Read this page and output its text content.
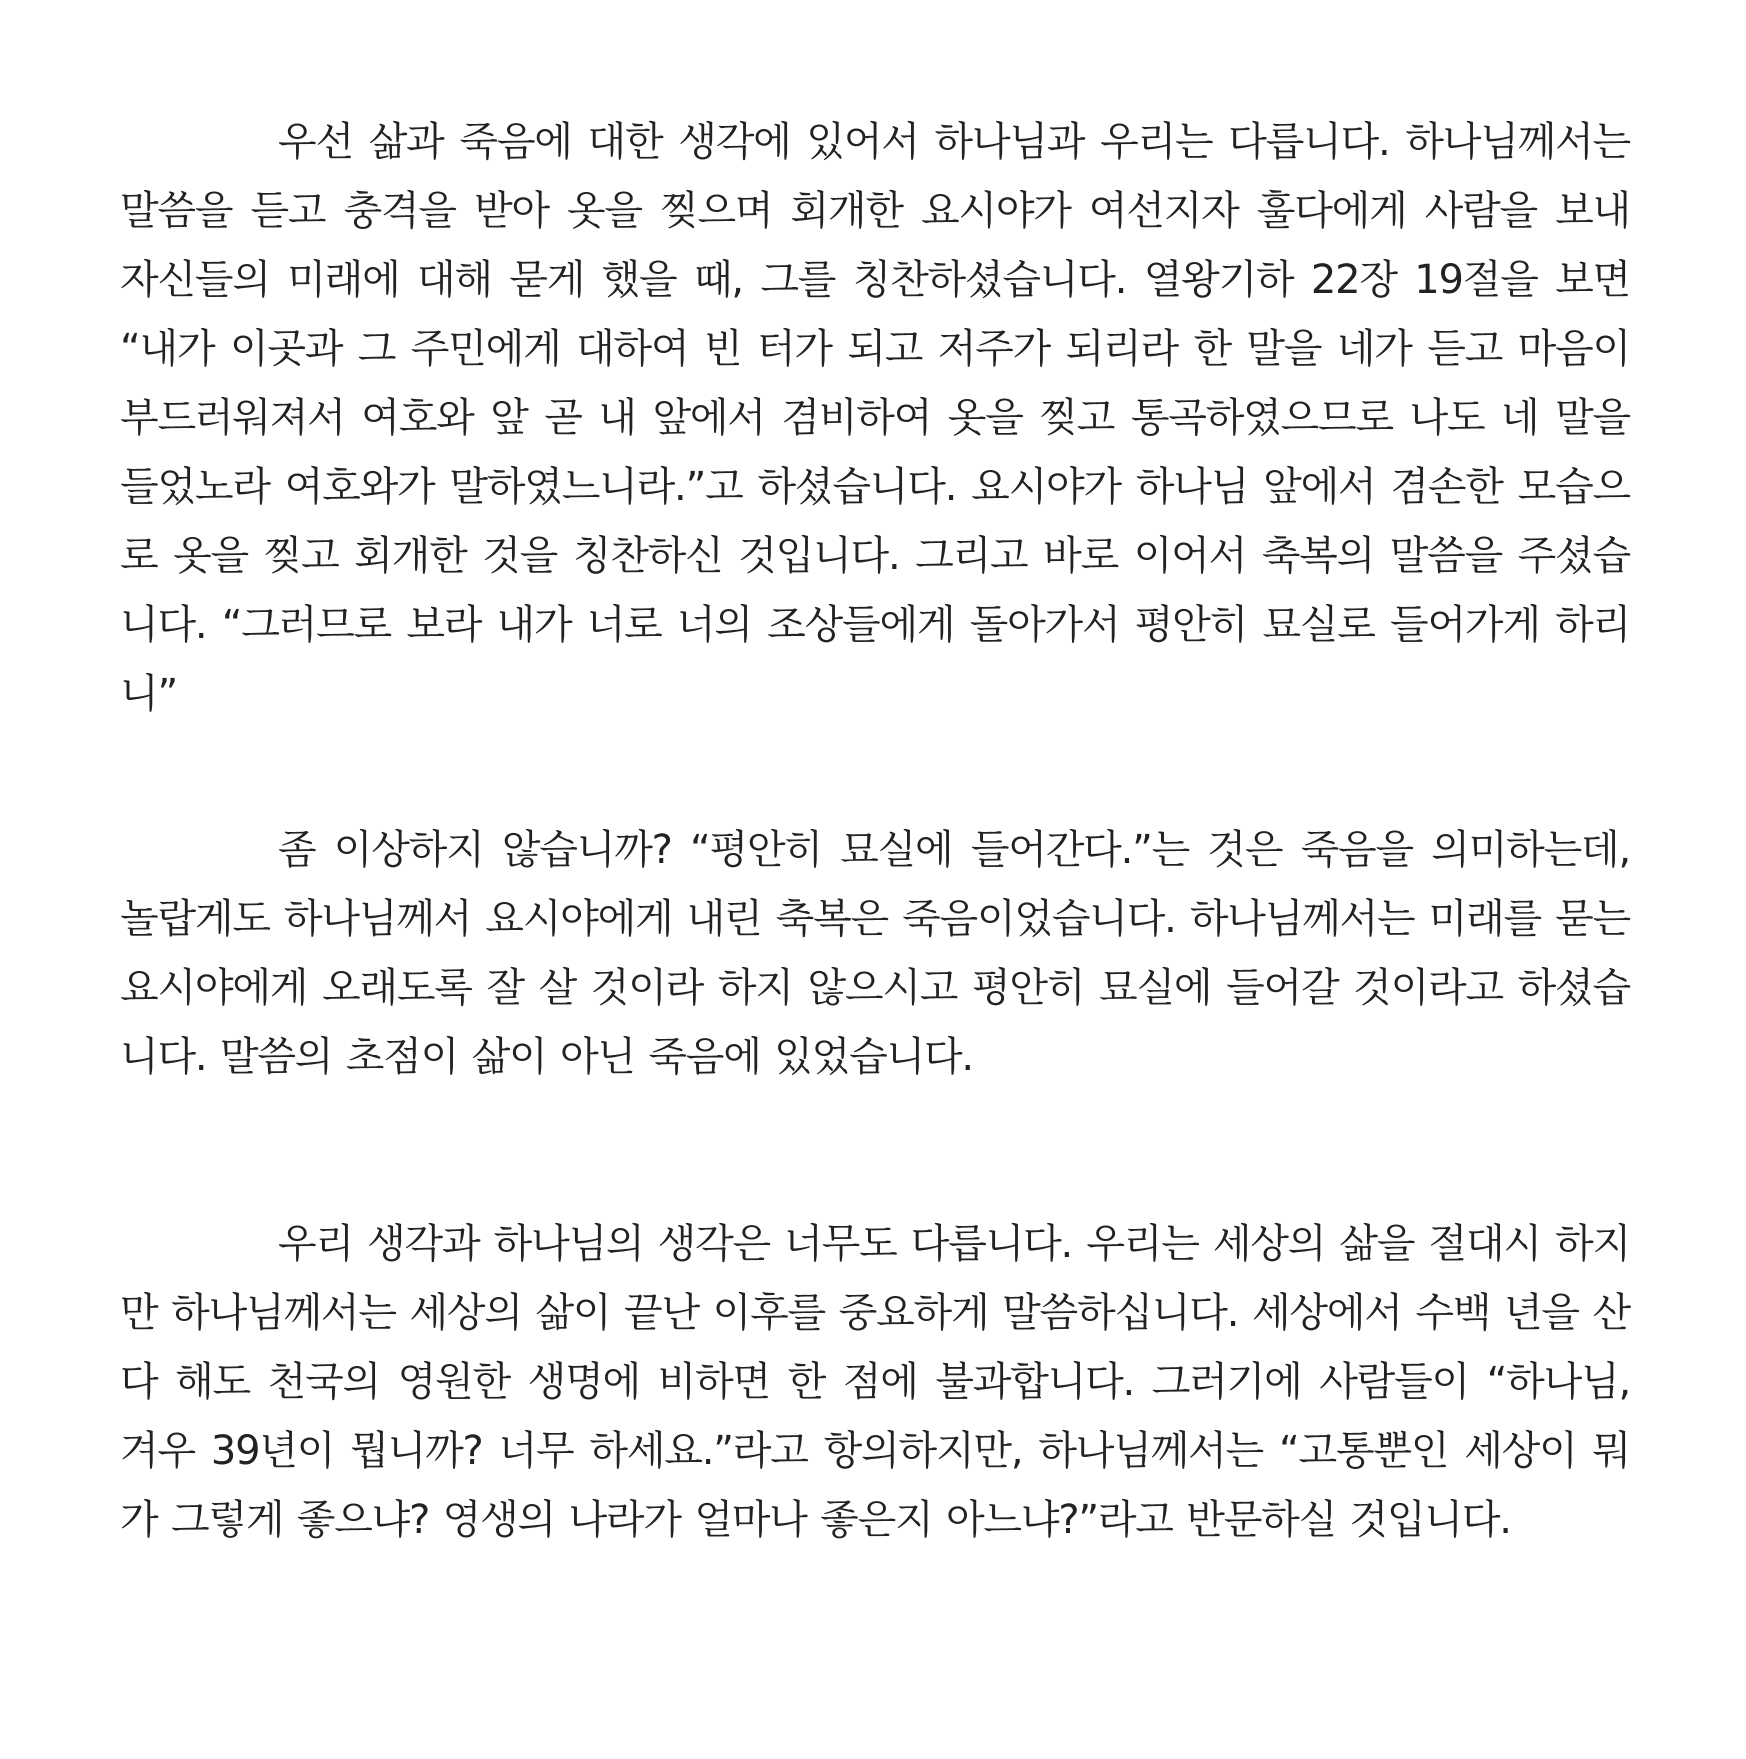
우선 삶과 죽음에 대한 생각에 있어서 하나님과 우리는 다릅니다. 하나님께서는 말씀을 듣고 충격을 받아 옷을 찢으며 회개한 요시야가 여선지자 훌다에게 사람을 보내 자신들의 미래에 대해 묻게 했을 때, 그를 칭찬하셨습니다. 열왕기하 22장 19절을 보면 “내가 이곳과 그 주민에게 대하여 빈 터가 되고 저주가 되리라 한 말을 네가 듣고 마음이 부드러워져서 여호와 앞 곧 내 앞에서 겸비하여 옷을 찢고 통곡하였으므로 나도 네 말을 들었노라 여호와가 말하였느니라.”고 하셨습니다. 요시야가 하나님 앞에서 겸손한 모습으로 옷을 찢고 회개한 것을 칭찬하신 것입니다. 그리고 바로 이어서 축복의 말씀을 주셨습니다. “그러므로 보라 내가 너로 너의 조상들에게 돌아가서 평안히 묘실로 들어가게 하리니”

좀 이상하지 않습니까? “평안히 묘실에 들어간다.”는 것은 죽음을 의미하는데, 놀랍게도 하나님께서 요시야에게 내린 축복은 죽음이었습니다. 하나님께서는 미래를 묻는 요시야에게 오래도록 잘 살 것이라 하지 않으시고 평안히 묘실에 들어갈 것이라고 하셨습니다. 말씀의 초점이 삶이 아닌 죽음에 있었습니다.

우리 생각과 하나님의 생각은 너무도 다릅니다. 우리는 세상의 삶을 절대시 하지만 하나님께서는 세상의 삶이 끝난 이후를 중요하게 말씀하십니다. 세상에서 수백 년을 산다 해도 천국의 영원한 생명에 비하면 한 점에 불과합니다. 그러기에 사람들이 “하나님, 겨우 39년이 뭡니까? 너무 하세요.”라고 항의하지만, 하나님께서는 “고통뿐인 세상이 뭐가 그렇게 좋으냐? 영생의 나라가 얼마나 좋은지 아느냐?”라고 반문하실 것입니다.
